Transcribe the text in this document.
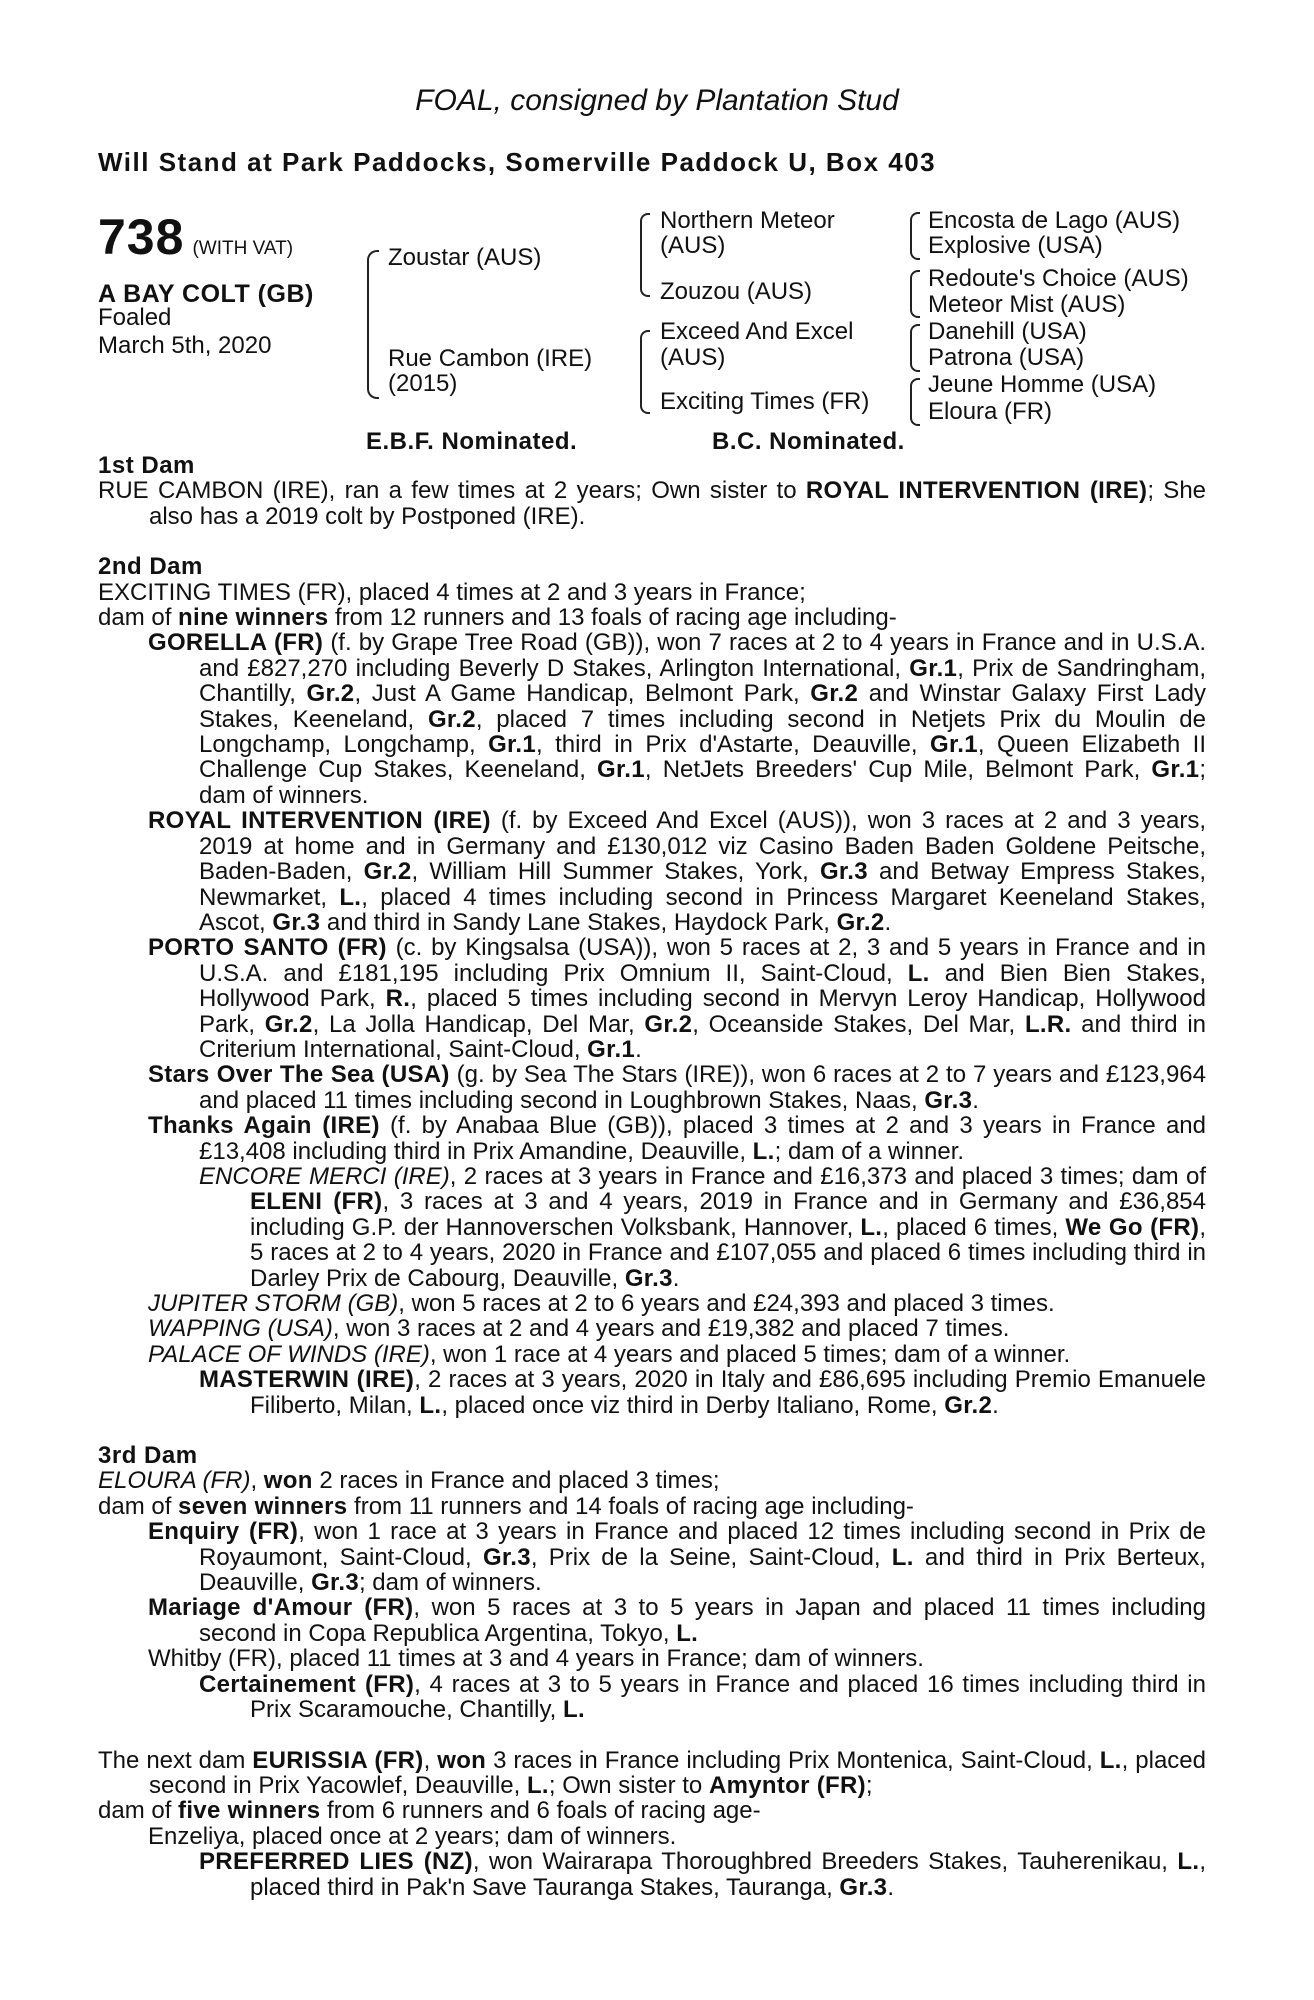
FOAL, consigned by Plantation Stud
Will Stand at Park Paddocks, Somerville Paddock U, Box 403
738 (WITH VAT)
A BAY COLT (GB)
Foaled
March 5th, 2020
Zoustar (AUS)
Rue Cambon (IRE)
(2015)
Northern Meteor
(AUS)
Zouzou (AUS)
Exceed And Excel
(AUS)
Exciting Times (FR)
Encosta de Lago (AUS)
Explosive (USA)
Redoute's Choice (AUS)
Meteor Mist (AUS)
Danehill (USA)
Patrona (USA)
Jeune Homme (USA)
Eloura (FR)
E.B.F. Nominated.	B.C. Nominated.
1st Dam

RUE CAMBON (IRE), ran a few times at 2 years; Own sister to ROYAL INTERVENTION (IRE); She also has a 2019 colt by Postponed (IRE).

2nd Dam

EXCITING TIMES (FR), placed 4 times at 2 and 3 years in France;

dam of nine winners from 12 runners and 13 foals of racing age including-

GORELLA (FR) (f. by Grape Tree Road (GB)), won 7 races at 2 to 4 years in France and in U.S.A. and £827,270 including Beverly D Stakes, Arlington International, Gr.1, Prix de Sandringham, Chantilly, Gr.2, Just A Game Handicap, Belmont Park, Gr.2 and Winstar Galaxy First Lady Stakes, Keeneland, Gr.2, placed 7 times including second in Netjets Prix du Moulin de Longchamp, Longchamp, Gr.1, third in Prix d'Astarte, Deauville, Gr.1, Queen Elizabeth II Challenge Cup Stakes, Keeneland, Gr.1, NetJets Breeders' Cup Mile, Belmont Park, Gr.1; dam of winners.

ROYAL INTERVENTION (IRE) (f. by Exceed And Excel (AUS)), won 3 races at 2 and 3 years, 2019 at home and in Germany and £130,012 viz Casino Baden Baden Goldene Peitsche, Baden-Baden, Gr.2, William Hill Summer Stakes, York, Gr.3 and Betway Empress Stakes, Newmarket, L., placed 4 times including second in Princess Margaret Keeneland Stakes, Ascot, Gr.3 and third in Sandy Lane Stakes, Haydock Park, Gr.2.

PORTO SANTO (FR) (c. by Kingsalsa (USA)), won 5 races at 2, 3 and 5 years in France and in U.S.A. and £181,195 including Prix Omnium II, Saint-Cloud, L. and Bien Bien Stakes, Hollywood Park, R., placed 5 times including second in Mervyn Leroy Handicap, Hollywood Park, Gr.2, La Jolla Handicap, Del Mar, Gr.2, Oceanside Stakes, Del Mar, L.R. and third in Criterium International, Saint-Cloud, Gr.1.

Stars Over The Sea (USA) (g. by Sea The Stars (IRE)), won 6 races at 2 to 7 years and £123,964 and placed 11 times including second in Loughbrown Stakes, Naas, Gr.3.

Thanks Again (IRE) (f. by Anabaa Blue (GB)), placed 3 times at 2 and 3 years in France and £13,408 including third in Prix Amandine, Deauville, L.; dam of a winner.

ENCORE MERCI (IRE), 2 races at 3 years in France and £16,373 and placed 3 times; dam of ELENI (FR), 3 races at 3 and 4 years, 2019 in France and in Germany and £36,854 including G.P. der Hannoverschen Volksbank, Hannover, L., placed 6 times, We Go (FR), 5 races at 2 to 4 years, 2020 in France and £107,055 and placed 6 times including third in Darley Prix de Cabourg, Deauville, Gr.3.

JUPITER STORM (GB), won 5 races at 2 to 6 years and £24,393 and placed 3 times.

WAPPING (USA), won 3 races at 2 and 4 years and £19,382 and placed 7 times.

PALACE OF WINDS (IRE), won 1 race at 4 years and placed 5 times; dam of a winner.

MASTERWIN (IRE), 2 races at 3 years, 2020 in Italy and £86,695 including Premio Emanuele Filiberto, Milan, L., placed once viz third in Derby Italiano, Rome, Gr.2.

3rd Dam

ELOURA (FR), won 2 races in France and placed 3 times;

dam of seven winners from 11 runners and 14 foals of racing age including-

Enquiry (FR), won 1 race at 3 years in France and placed 12 times including second in Prix de Royaumont, Saint-Cloud, Gr.3, Prix de la Seine, Saint-Cloud, L. and third in Prix Berteux, Deauville, Gr.3; dam of winners.

Mariage d'Amour (FR), won 5 races at 3 to 5 years in Japan and placed 11 times including second in Copa Republica Argentina, Tokyo, L.

Whitby (FR), placed 11 times at 3 and 4 years in France; dam of winners.

Certainement (FR), 4 races at 3 to 5 years in France and placed 16 times including third in Prix Scaramouche, Chantilly, L.

The next dam EURISSIA (FR), won 3 races in France including Prix Montenica, Saint-Cloud, L., placed second in Prix Yacowlef, Deauville, L.; Own sister to Amyntor (FR);

dam of five winners from 6 runners and 6 foals of racing age-

Enzeliya, placed once at 2 years; dam of winners.

PREFERRED LIES (NZ), won Wairarapa Thoroughbred Breeders Stakes, Tauherenikau, L., placed third in Pak'n Save Tauranga Stakes, Tauranga, Gr.3.
